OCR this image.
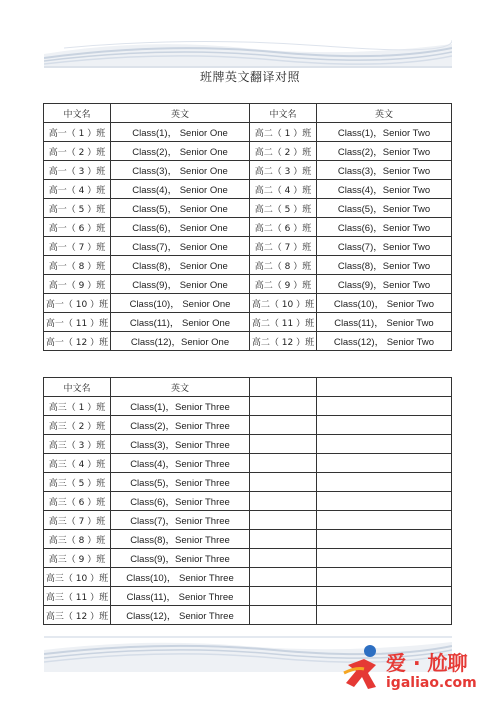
班牌英文翻译对照
中文名	英文	中文名	英文
高一（ 1 ）班	Class(1)， Senior One	高二（ 1 ）班	Class(1)，Senior Two
高一（ 2 ）班	Class(2)， Senior One	高二（ 2 ）班	Class(2)，Senior Two
高一（ 3 ）班	Class(3)， Senior One	高二（ 3 ）班	Class(3)，Senior Two
高一（ 4 ）班	Class(4)， Senior One	高二（ 4 ）班	Class(4)，Senior Two
高一（ 5 ）班	Class(5)， Senior One	高二（ 5 ）班	Class(5)，Senior Two
高一（ 6 ）班	Class(6)， Senior One	高二（ 6 ）班	Class(6)，Senior Two
高一（ 7 ）班	Class(7)， Senior One	高二（ 7 ）班	Class(7)，Senior Two
高一（ 8 ）班	Class(8)， Senior One	高二（ 8 ）班	Class(8)，Senior Two
高一（ 9 ）班	Class(9)， Senior One	高二（ 9 ）班	Class(9)，Senior Two
高一（ 10 ）班	Class(10)， Senior One	高二（ 10 ）班	Class(10)， Senior Two
高一（ 11 ）班	Class(11)， Senior One	高二（ 11 ）班	Class(11)， Senior Two
高一（ 12 ）班	Class(12)，Senior One	高二（ 12 ）班	Class(12)， Senior Two
中文名	英文		
高三（ 1 ）班	Class(1)，Senior Three		
高三（ 2 ）班	Class(2)，Senior Three		
高三（ 3 ）班	Class(3)，Senior Three		
高三（ 4 ）班	Class(4)，Senior Three		
高三（ 5 ）班	Class(5)，Senior Three		
高三（ 6 ）班	Class(6)，Senior Three		
高三（ 7 ）班	Class(7)，Senior Three		
高三（ 8 ）班	Class(8)，Senior Three		
高三（ 9 ）班	Class(9)，Senior Three		
高三（ 10 ）班	Class(10)， Senior Three		
高三（ 11 ）班	Class(11)， Senior Three		
高三（ 12 ）班	Class(12)， Senior Three		
爱 · 尬聊
igaliao.com
